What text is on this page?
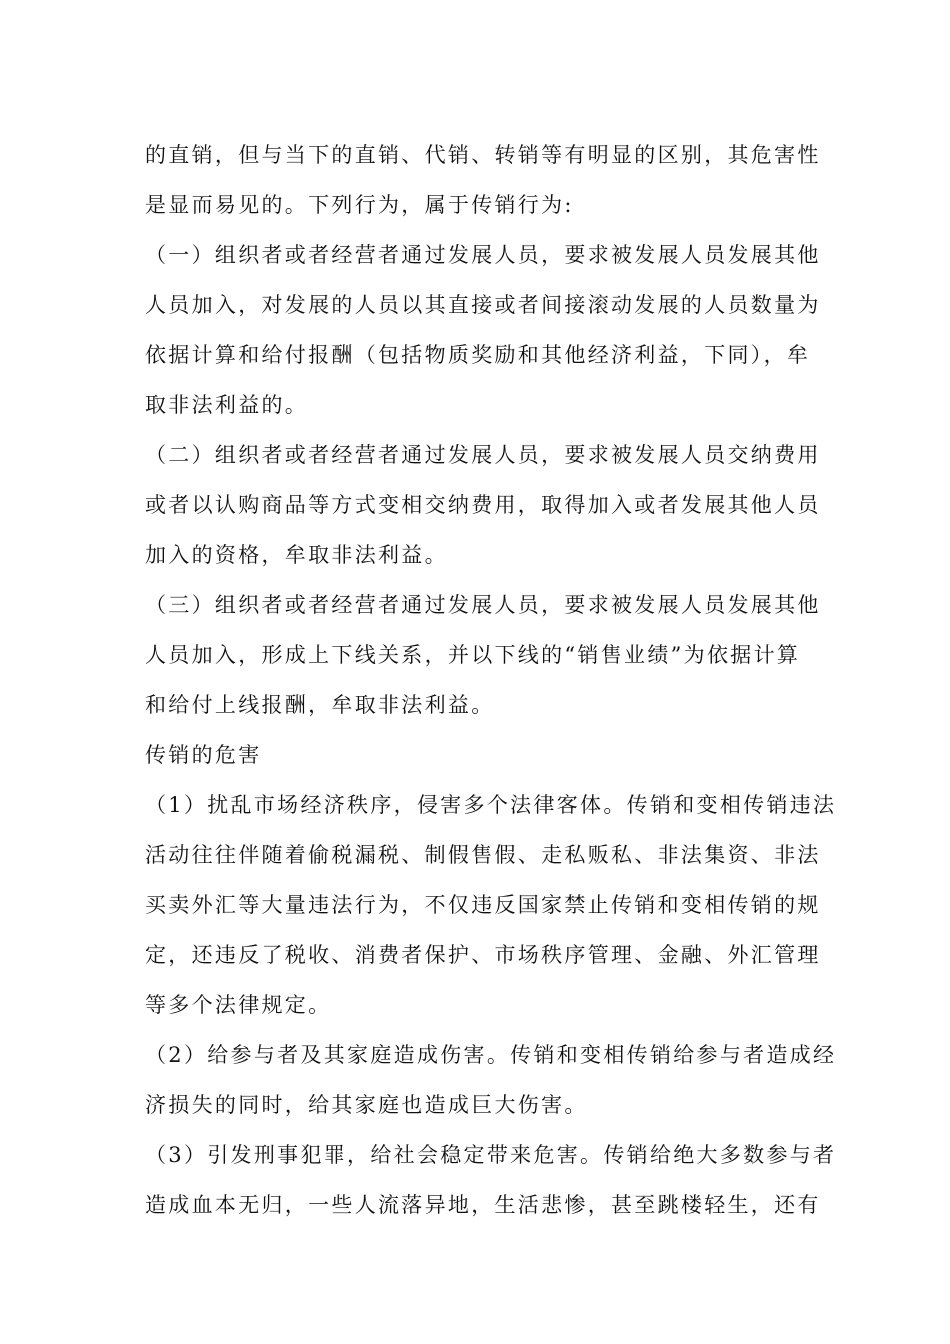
的直销，但与当下的直销、代销、转销等有明显的区别，其危害性
是显而易见的。下列行为，属于传销行为:
（一）组织者或者经营者通过发展人员，要求被发展人员发展其他
人员加入，对发展的人员以其直接或者间接滚动发展的人员数量为
依据计算和给付报酬（包括物质奖励和其他经济利益，下同），牟
取非法利益的。
（二）组织者或者经营者通过发展人员，要求被发展人员交纳费用
或者以认购商品等方式变相交纳费用，取得加入或者发展其他人员
加入的资格，牟取非法利益。
（三）组织者或者经营者通过发展人员，要求被发展人员发展其他
人员加入，形成上下线关系，并以下线的“销售业绩”为依据计算
和给付上线报酬，牟取非法利益。
传销的危害
（1）扰乱市场经济秩序，侵害多个法律客体。传销和变相传销违法
活动往往伴随着偷税漏税、制假售假、走私贩私、非法集资、非法
买卖外汇等大量违法行为，不仅违反国家禁止传销和变相传销的规
定，还违反了税收、消费者保护、市场秩序管理、金融、外汇管理
等多个法律规定。
（2）给参与者及其家庭造成伤害。传销和变相传销给参与者造成经
济损失的同时，给其家庭也造成巨大伤害。
（3）引发刑事犯罪，给社会稳定带来危害。传销给绝大多数参与者
造成血本无归，一些人流落异地，生活悲惨，甚至跳楼轻生，还有
